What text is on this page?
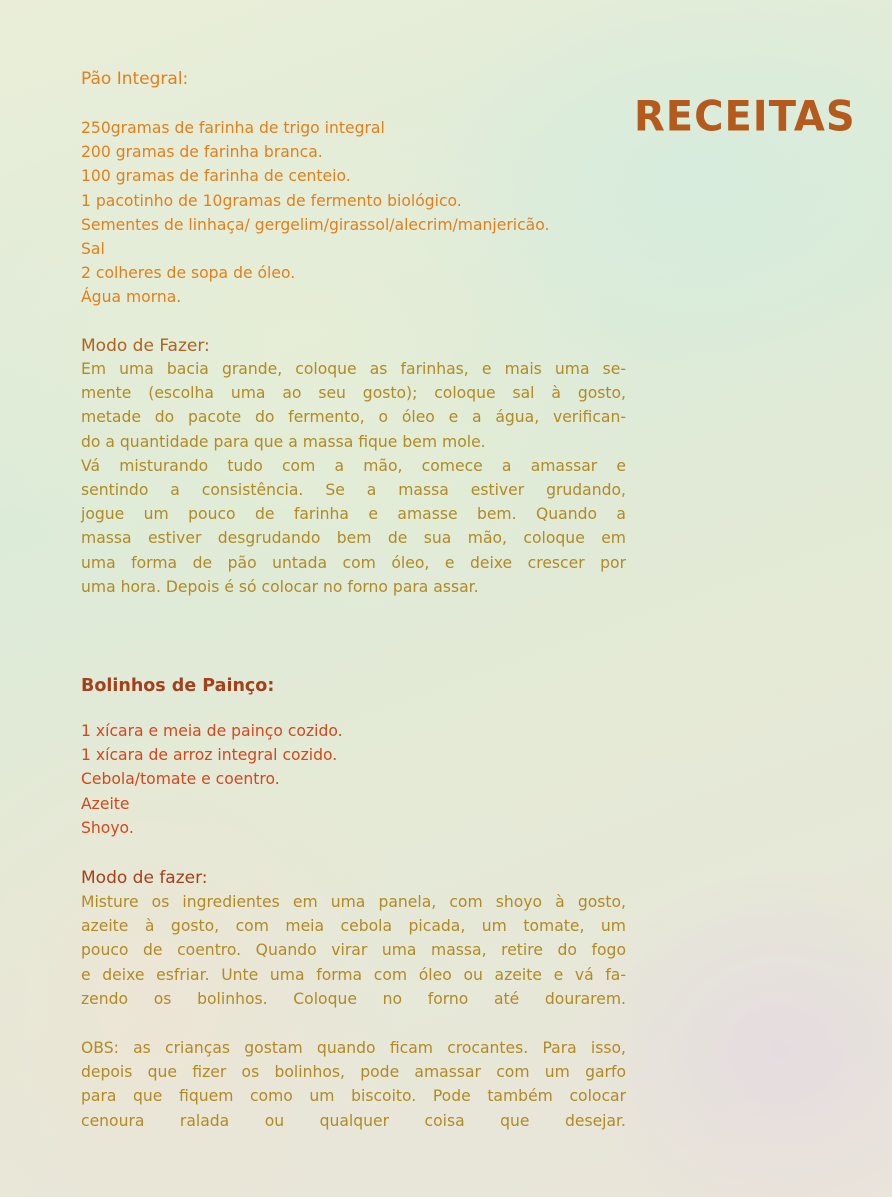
RECEITAS
Pão Integral:
250gramas de farinha de trigo integral
200 gramas de farinha branca.
100 gramas de farinha de centeio.
1 pacotinho de 10gramas de fermento biológico.
Sementes de linhaça/ gergelim/girassol/alecrim/manjericão.
Sal
2 colheres de sopa de óleo.
Água morna.
Modo de Fazer:
Em uma bacia grande, coloque as farinhas, e mais uma se-
mente (escolha uma ao seu gosto); coloque sal à gosto,
metade do pacote do fermento, o óleo e a água, verifican-
do a quantidade para que a massa fique bem mole.
Vá misturando tudo com a mão, comece a amassar e
sentindo a consistência. Se a massa estiver grudando,
jogue um pouco de farinha e amasse bem. Quando a
massa estiver desgrudando bem de sua mão, coloque em
uma forma de pão untada com óleo, e deixe crescer por
uma hora. Depois é só colocar no forno para assar.
Bolinhos de Painço:
1 xícara e meia de painço cozido.
1 xícara de arroz integral cozido.
Cebola/tomate e coentro.
Azeite
Shoyo.
Modo de fazer:
Misture os ingredientes em uma panela, com shoyo à gosto,
azeite à gosto, com meia cebola picada, um tomate, um
pouco de coentro. Quando virar uma massa, retire do fogo
e deixe esfriar. Unte uma forma com óleo ou azeite e vá fa-
zendo os bolinhos. Coloque no forno até dourarem.
OBS: as crianças gostam quando ficam crocantes. Para isso,
depois que fizer os bolinhos, pode amassar com um garfo
para que fiquem como um biscoito. Pode também colocar
cenoura ralada ou qualquer coisa que desejar.
